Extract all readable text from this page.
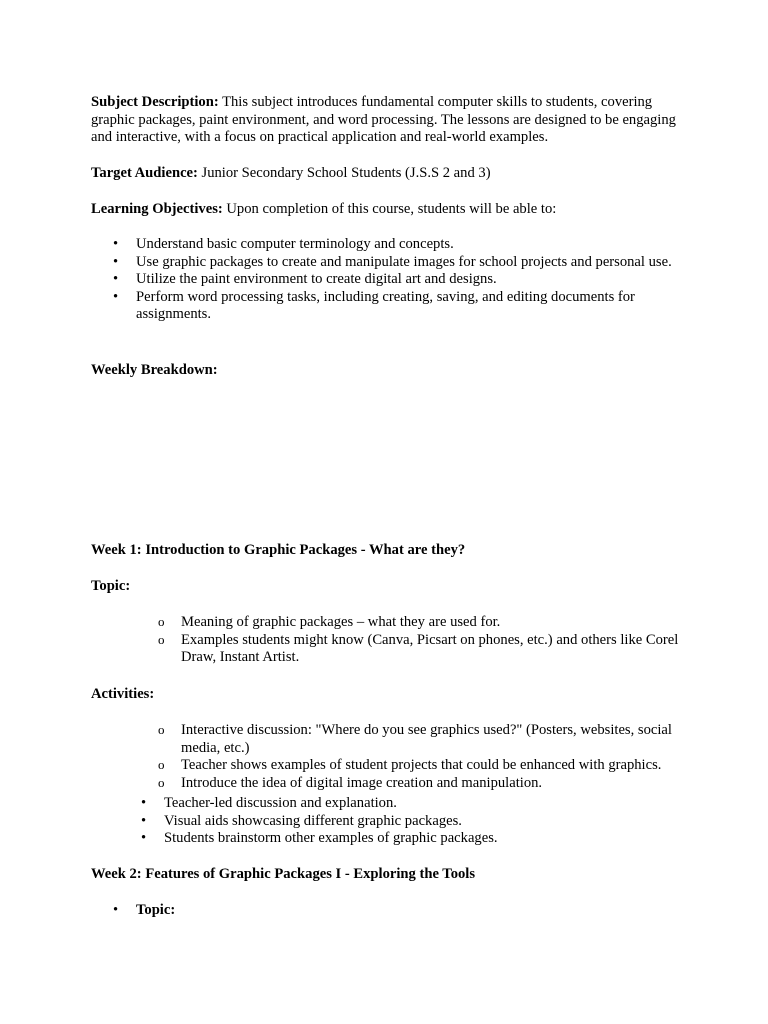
Subject Description: This subject introduces fundamental computer skills to students, covering graphic packages, paint environment, and word processing. The lessons are designed to be engaging and interactive, with a focus on practical application and real-world examples.

Target Audience: Junior Secondary School Students (J.S.S 2 and 3)

Learning Objectives: Upon completion of this course, students will be able to:

• Understand basic computer terminology and concepts.
• Use graphic packages to create and manipulate images for school projects and personal use.
• Utilize the paint environment to create digital art and designs.
• Perform word processing tasks, including creating, saving, and editing documents for assignments.

Weekly Breakdown:

Week 1: Introduction to Graphic Packages - What are they?

Topic:

o Meaning of graphic packages – what they are used for.
o Examples students might know (Canva, Picsart on phones, etc.) and others like Corel Draw, Instant Artist.

Activities:

o Interactive discussion: "Where do you see graphics used?" (Posters, websites, social media, etc.)
o Teacher shows examples of student projects that could be enhanced with graphics.
o Introduce the idea of digital image creation and manipulation.
• Teacher-led discussion and explanation.
• Visual aids showcasing different graphic packages.
• Students brainstorm other examples of graphic packages.

Week 2: Features of Graphic Packages I - Exploring the Tools

• Topic:
